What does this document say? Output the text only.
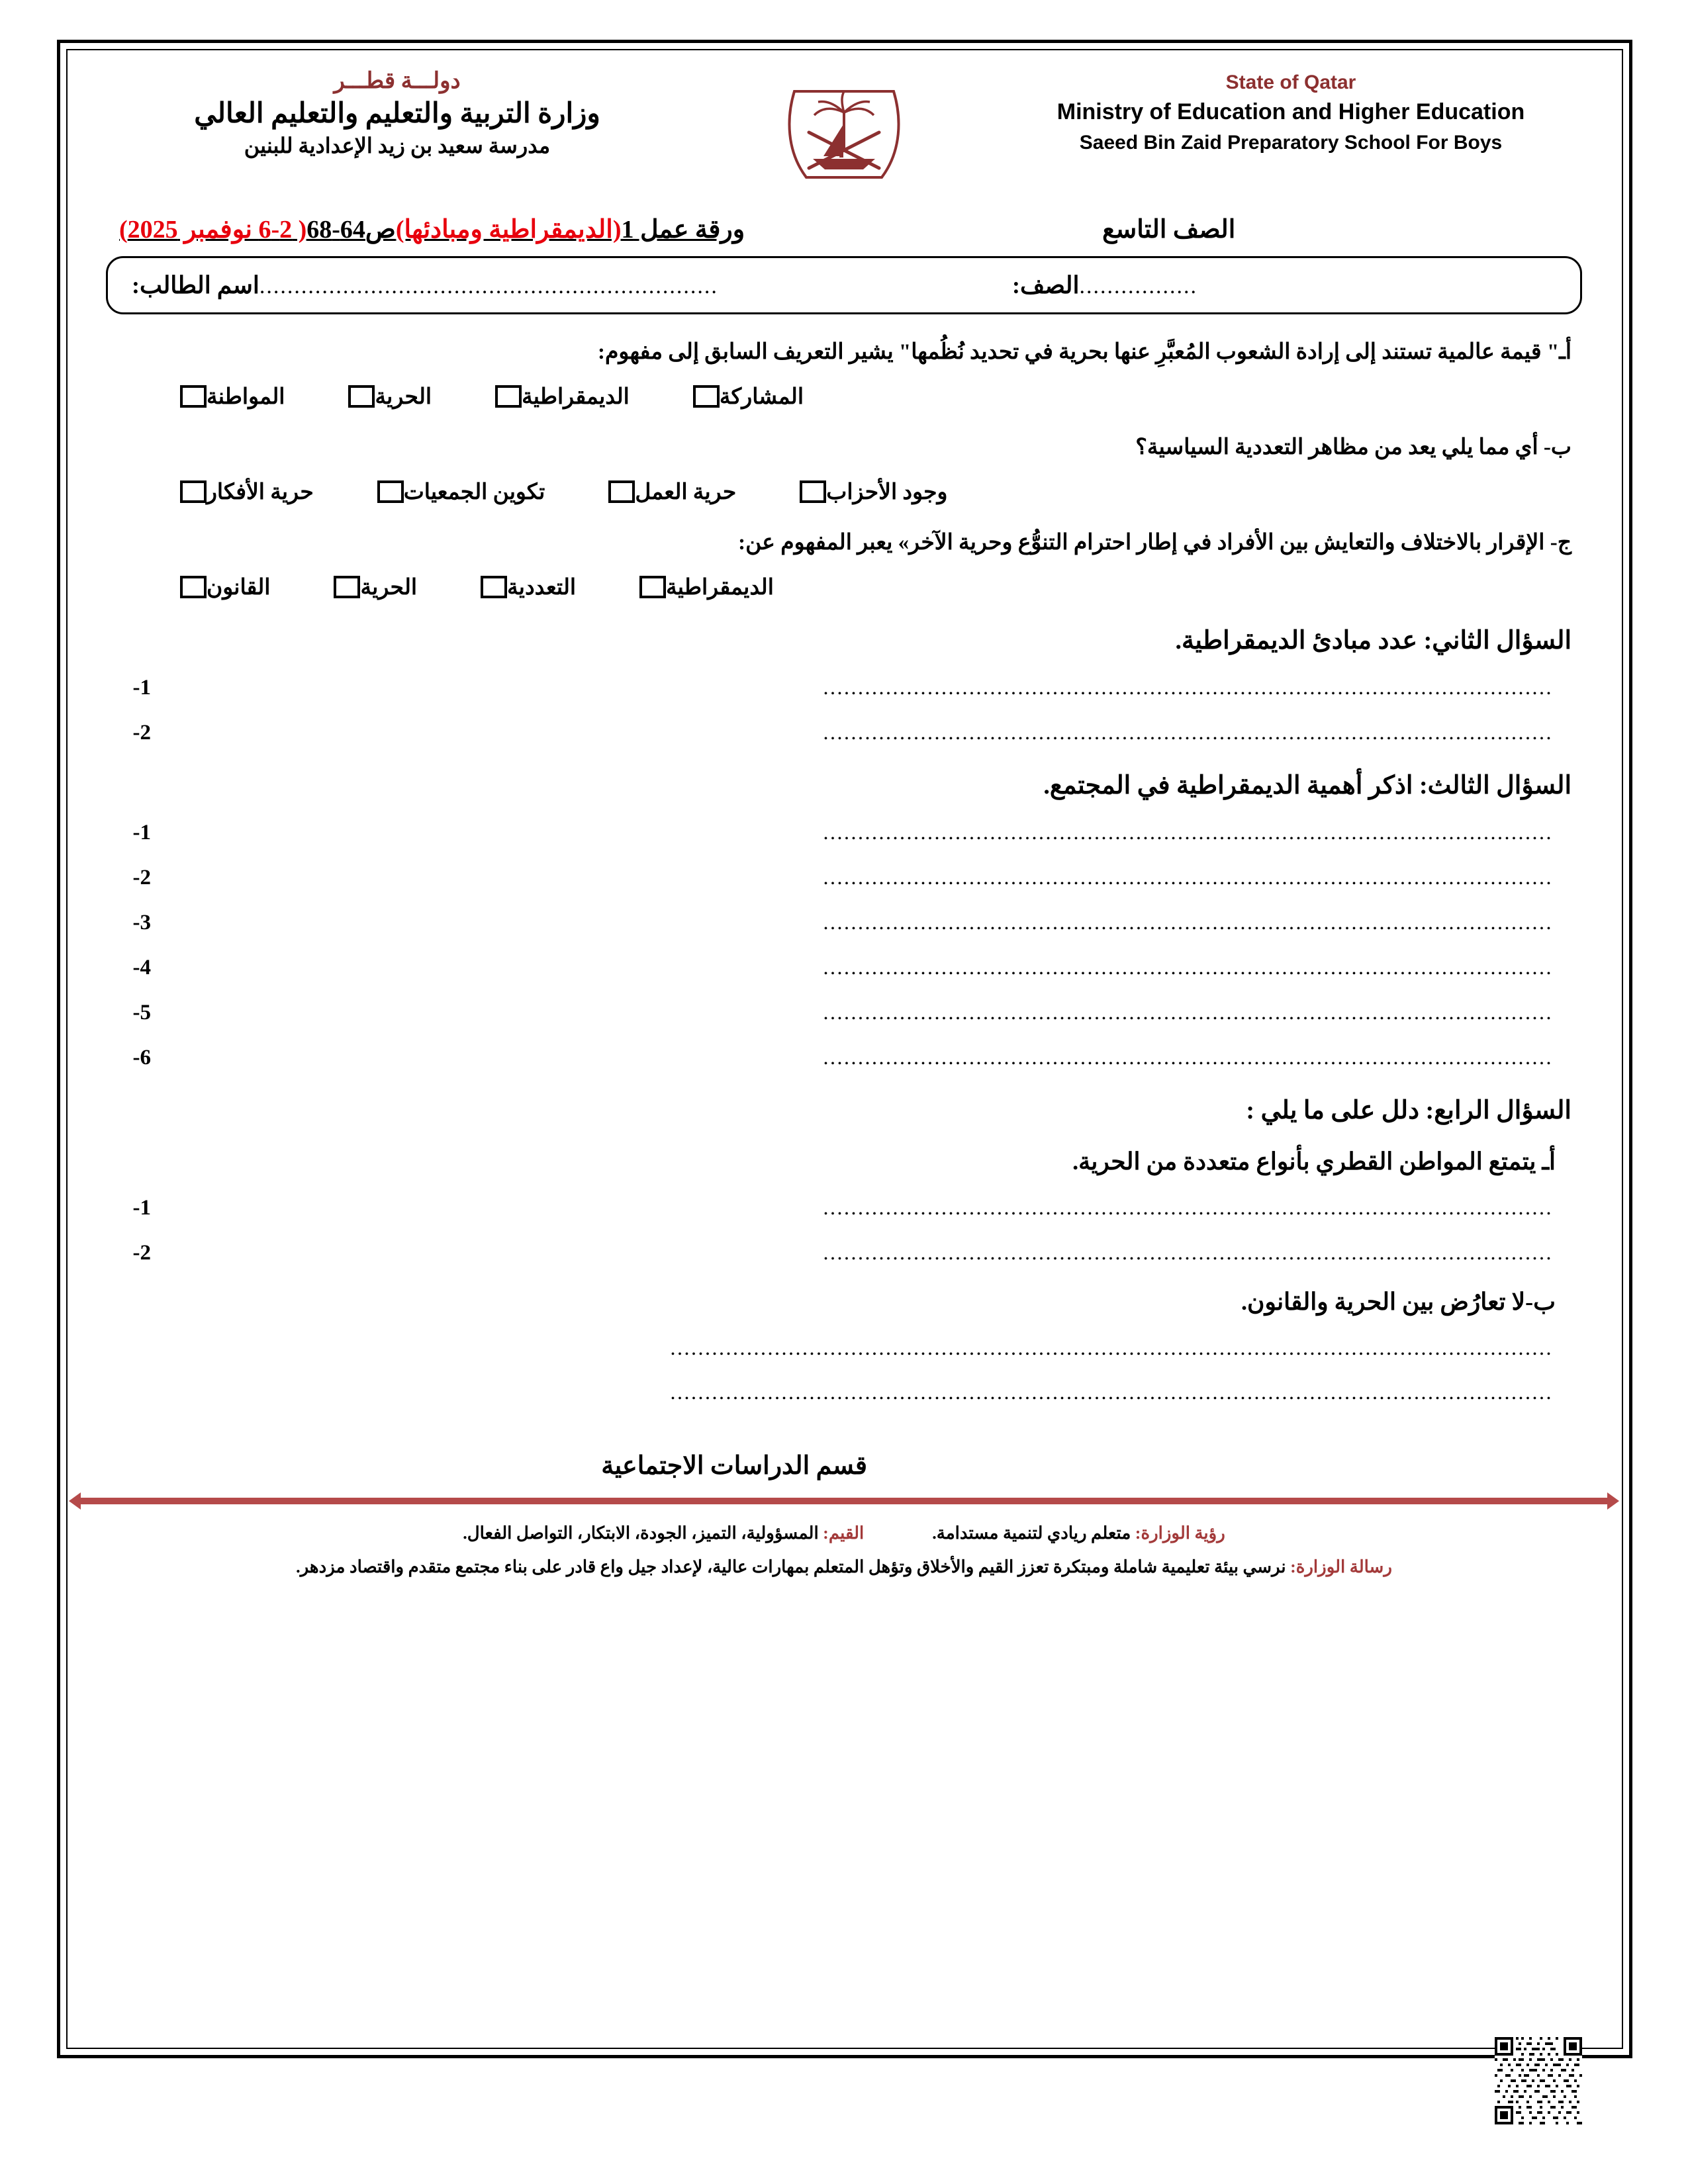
دولـــة قطـــر
وزارة التربية والتعليم والتعليم العالي
مدرسة سعيد بن زيد الإعدادية للبنين
State of Qatar
Ministry of Education and Higher Education
Saeed Bin Zaid Preparatory School For Boys
ورقة عمل 1(الديمقراطية ومبادئها)ص64-68( 2-6 نوفمبر 2025)	الصف التاسع
اسم الطالب: ..................................................................	الصف: .................
أـ" قيمة عالمية تستند إلى إرادة الشعوب المُعبَّرِ عنها بحرية في تحديد نُظُمها" يشير التعريف السابق إلى مفهوم:
المواطنة	الحرية	الديمقراطية	المشاركة
ب- أي مما يلي يعد من مظاهر التعددية السياسية؟
حرية الأفكار	تكوين الجمعيات	حرية العمل	وجود الأحزاب
ج- الإقرار بالاختلاف والتعايش بين الأفراد في إطار احترام التنوُّع وحرية الآخر» يعبر المفهوم عن:
القانون	الحرية	التعددية	الديمقراطية
السؤال الثاني: عدد مبادئ الديمقراطية.
1-	.........................................................................................................
2-	.........................................................................................................
السؤال الثالث: اذكر أهمية الديمقراطية في المجتمع.
1-	.........................................................................................................
2-	.........................................................................................................
3-	.........................................................................................................
4-	.........................................................................................................
5-	.........................................................................................................
6-	.........................................................................................................
السؤال الرابع: دلل على ما يلي :
أـ يتمتع المواطن القطري بأنواع متعددة من الحرية.
1-	.........................................................................................................
2-	.........................................................................................................
ب-لا تعارُض بين الحرية والقانون.
...............................................................................................................................
...............................................................................................................................
قسم الدراسات الاجتماعية
رؤية الوزارة: متعلم ريادي لتنمية مستدامة.  القيم: المسؤولية، التميز، الجودة، الابتكار، التواصل الفعال.
رسالة الوزارة: نرسي بيئة تعليمية شاملة ومبتكرة تعزز القيم والأخلاق وتؤهل المتعلم بمهارات عالية، لإعداد جيل واع قادر على بناء مجتمع متقدم واقتصاد مزدهر.
